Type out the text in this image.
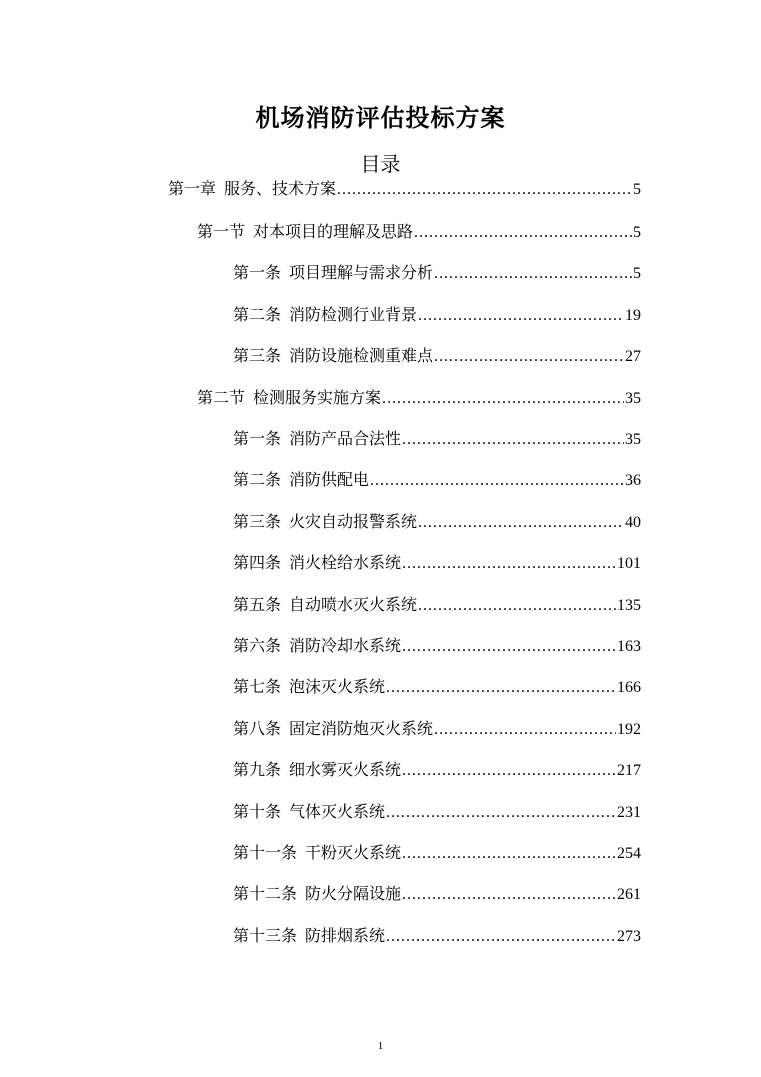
机场消防评估投标方案
目录
第一章 服务、技术方案 .....	5
第一节 对本项目的理解及思路 .....	5
第一条 项目理解与需求分析 .....	5
第二条 消防检测行业背景 .....	19
第三条 消防设施检测重难点 .....	27
第二节 检测服务实施方案 .....	35
第一条 消防产品合法性 .....	35
第二条 消防供配电 .....	36
第三条 火灾自动报警系统 .....	40
第四条 消火栓给水系统 .....	101
第五条 自动喷水灭火系统 .....	135
第六条 消防冷却水系统 .....	163
第七条 泡沫灭火系统 .....	166
第八条 固定消防炮灭火系统 .....	192
第九条 细水雾灭火系统 .....	217
第十条 气体灭火系统 .....	231
第十一条 干粉灭火系统 .....	254
第十二条 防火分隔设施 .....	261
第十三条 防排烟系统 .....	273
1
